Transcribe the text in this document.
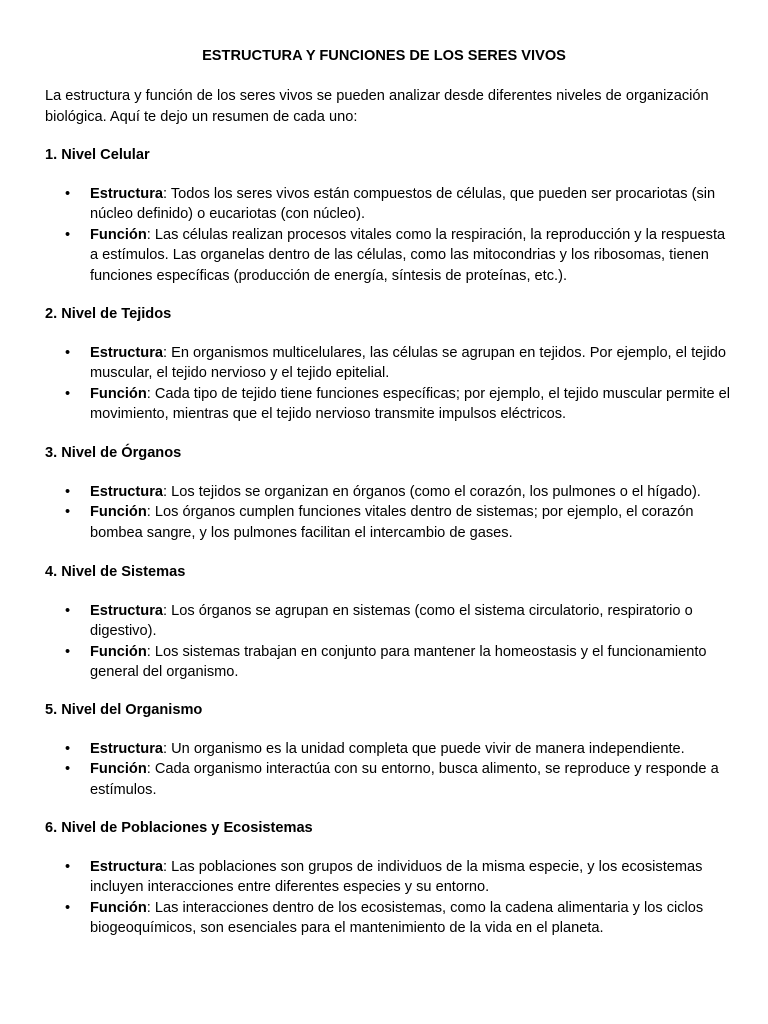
ESTRUCTURA Y FUNCIONES DE LOS SERES VIVOS

La estructura y función de los seres vivos se pueden analizar desde diferentes niveles de organización biológica. Aquí te dejo un resumen de cada uno:

1. Nivel Celular

•	Estructura: Todos los seres vivos están compuestos de células, que pueden ser procariotas (sin núcleo definido) o eucariotas (con núcleo).
•	Función: Las células realizan procesos vitales como la respiración, la reproducción y la respuesta a estímulos. Las organelas dentro de las células, como las mitocondrias y los ribosomas, tienen funciones específicas (producción de energía, síntesis de proteínas, etc.).

2. Nivel de Tejidos

•	Estructura: En organismos multicelulares, las células se agrupan en tejidos. Por ejemplo, el tejido muscular, el tejido nervioso y el tejido epitelial.
•	Función: Cada tipo de tejido tiene funciones específicas; por ejemplo, el tejido muscular permite el movimiento, mientras que el tejido nervioso transmite impulsos eléctricos.

3. Nivel de Órganos

•	Estructura: Los tejidos se organizan en órganos (como el corazón, los pulmones o el hígado).
•	Función: Los órganos cumplen funciones vitales dentro de sistemas; por ejemplo, el corazón bombea sangre, y los pulmones facilitan el intercambio de gases.

4. Nivel de Sistemas

•	Estructura: Los órganos se agrupan en sistemas (como el sistema circulatorio, respiratorio o digestivo).
•	Función: Los sistemas trabajan en conjunto para mantener la homeostasis y el funcionamiento general del organismo.

5. Nivel del Organismo

•	Estructura: Un organismo es la unidad completa que puede vivir de manera independiente.
•	Función: Cada organismo interactúa con su entorno, busca alimento, se reproduce y responde a estímulos.

6. Nivel de Poblaciones y Ecosistemas

•	Estructura: Las poblaciones son grupos de individuos de la misma especie, y los ecosistemas incluyen interacciones entre diferentes especies y su entorno.
•	Función: Las interacciones dentro de los ecosistemas, como la cadena alimentaria y los ciclos biogeoquímicos, son esenciales para el mantenimiento de la vida en el planeta.
